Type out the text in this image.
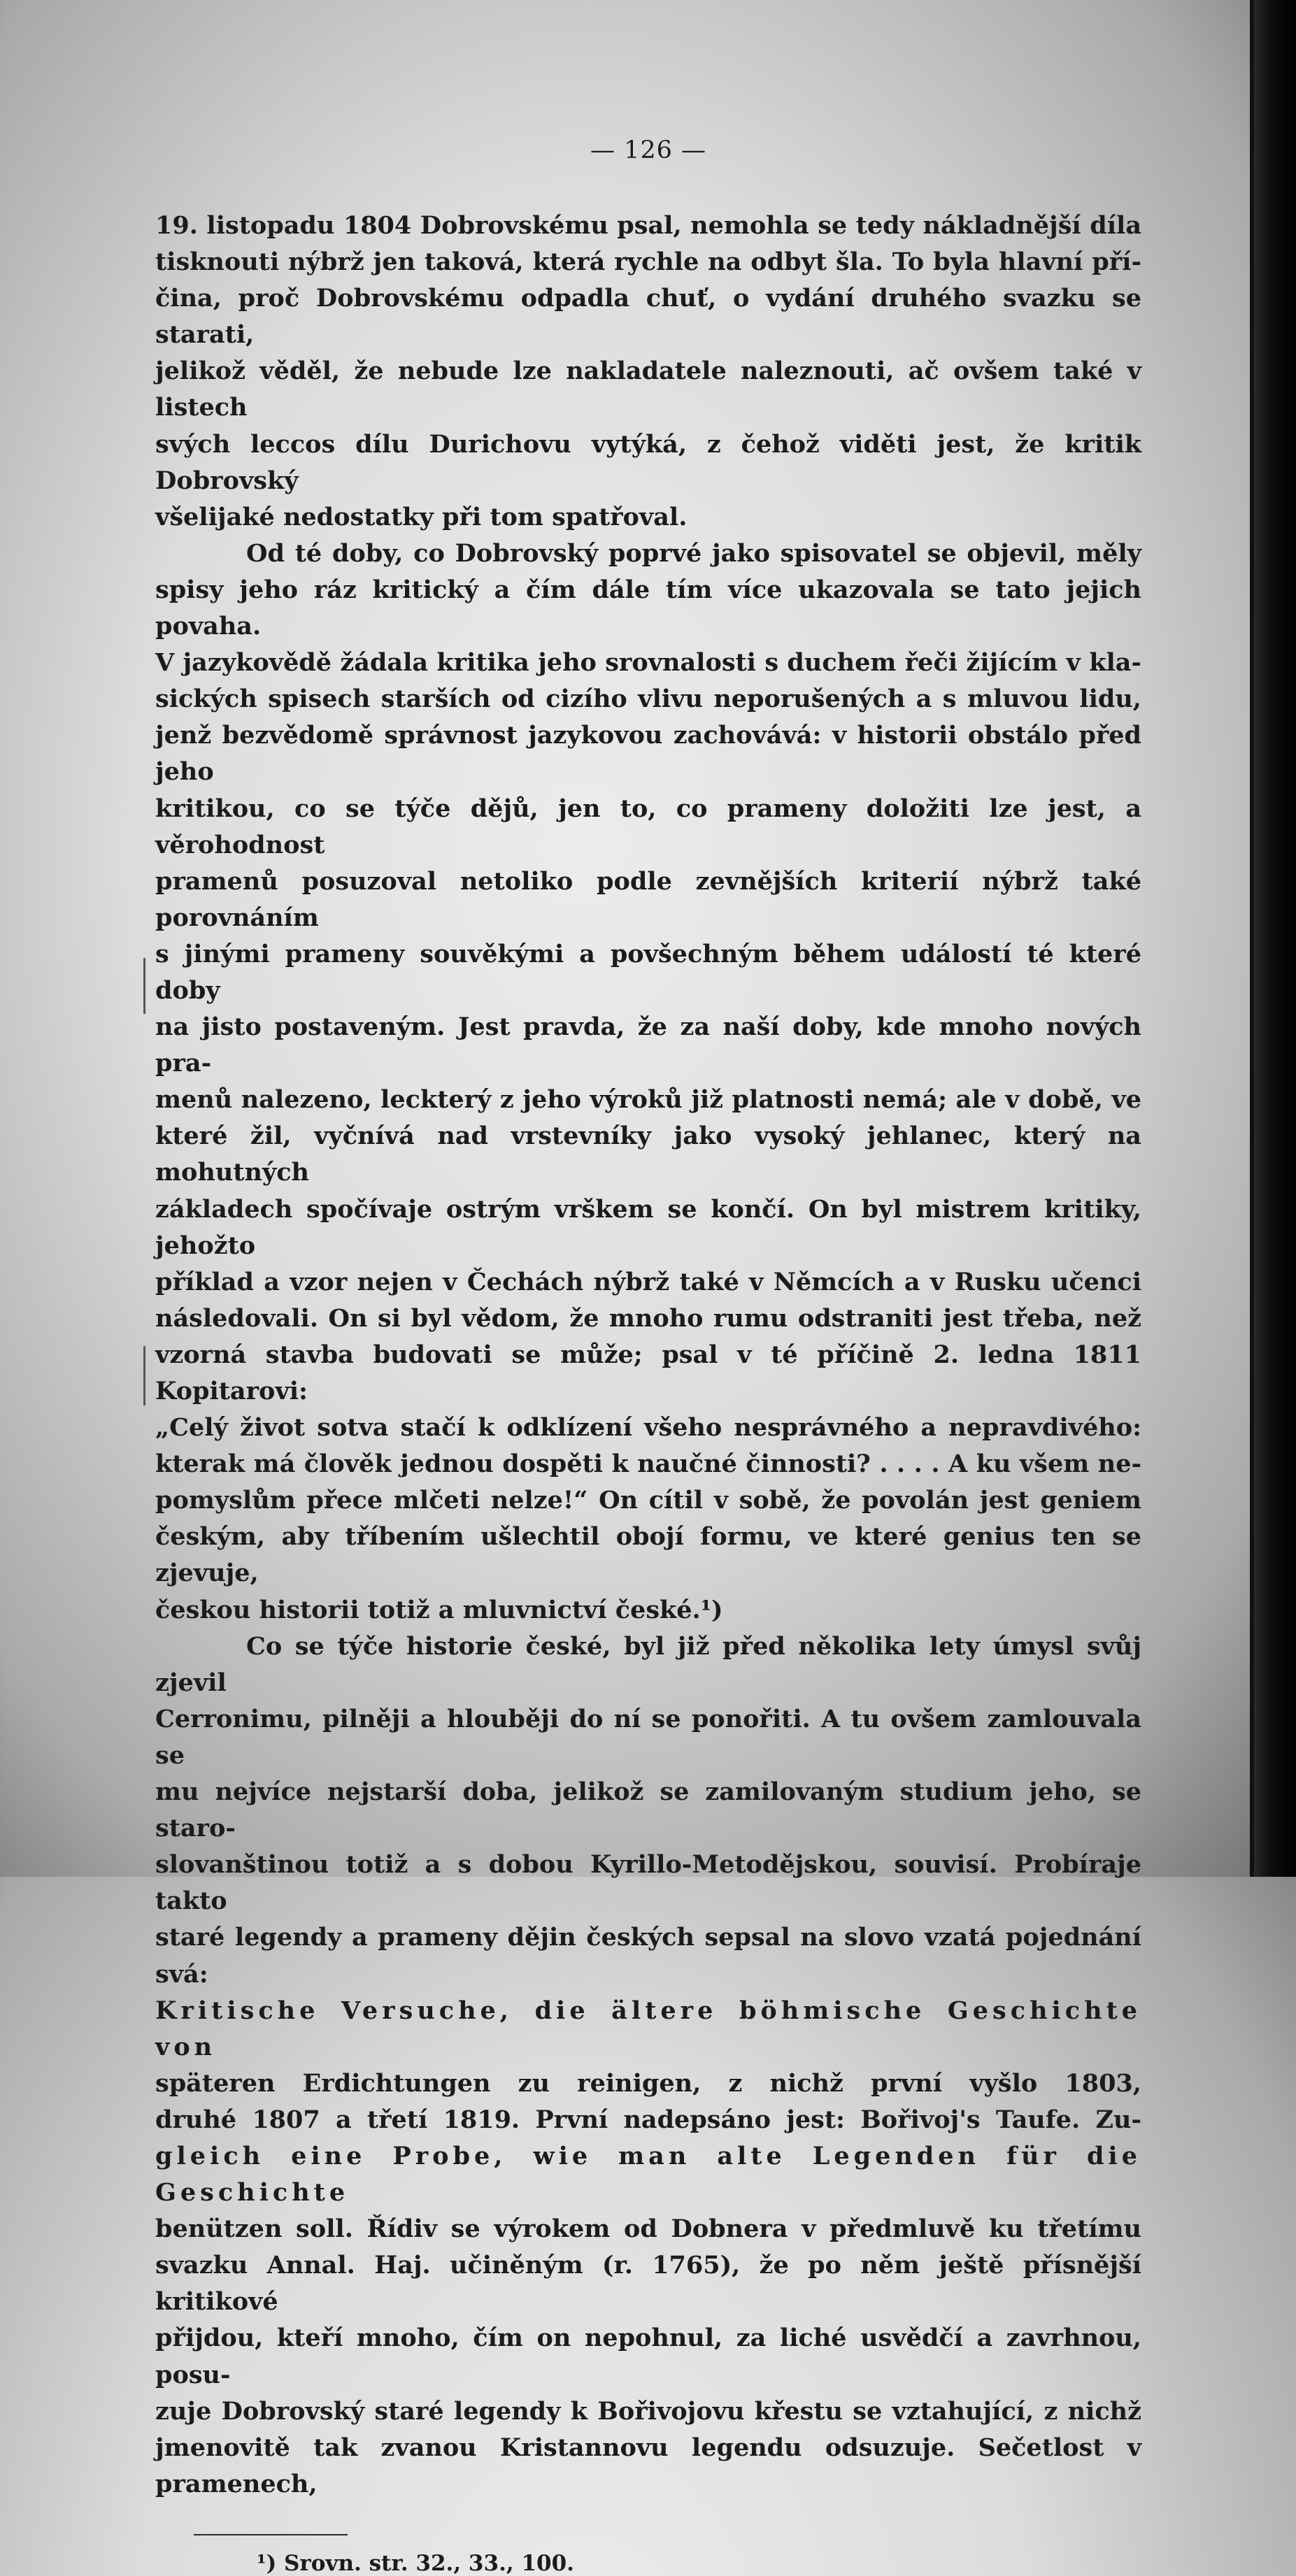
— 126 —

19. listopadu 1804 Dobrovskému psal, nemohla se tedy nákladnější díla

tisknouti nýbrž jen taková, která rychle na odbyt šla. To byla hlavní pří-

čina, proč Dobrovskému odpadla chuť, o vydání druhého svazku se starati,

jelikož věděl, že nebude lze nakladatele naleznouti, ač ovšem také v listech

svých leccos dílu Durichovu vytýká, z čehož viděti jest, že kritik Dobrovský

všelijaké nedostatky při tom spatřoval.

Od té doby, co Dobrovský poprvé jako spisovatel se objevil, měly

spisy jeho ráz kritický a čím dále tím více ukazovala se tato jejich povaha.

V jazykovědě žádala kritika jeho srovnalosti s duchem řeči žijícím v kla-

sických spisech starších od cizího vlivu neporušených a s mluvou lidu,

jenž bezvědomě správnost jazykovou zachovává: v historii obstálo před jeho

kritikou, co se týče dějů, jen to, co prameny doložiti lze jest, a věrohodnost

pramenů posuzoval netoliko podle zevnějších kriterií nýbrž také porovnáním

s jinými prameny souvěkými a povšechným během událostí té které doby

na jisto postaveným. Jest pravda, že za naší doby, kde mnoho nových pra-

menů nalezeno, leckterý z jeho výroků již platnosti nemá; ale v době, ve

které žil, vyčnívá nad vrstevníky jako vysoký jehlanec, který na mohutných

základech spočívaje ostrým vrškem se končí. On byl mistrem kritiky, jehožto

příklad a vzor nejen v Čechách nýbrž také v Němcích a v Rusku učenci

následovali. On si byl vědom, že mnoho rumu odstraniti jest třeba, než

vzorná stavba budovati se může; psal v té příčině 2. ledna 1811 Kopitarovi:

„Celý život sotva stačí k odklízení všeho nesprávného a nepravdivého:

kterak má člověk jednou dospěti k naučné činnosti? . . . . A ku všem ne-

pomyslům přece mlčeti nelze!“ On cítil v sobě, že povolán jest geniem

českým, aby tříbením ušlechtil obojí formu, ve které genius ten se zjevuje,

českou historii totiž a mluvnictví české.¹)

Co se týče historie české, byl již před několika lety úmysl svůj zjevil

Cerronimu, pilněji a hlouběji do ní se ponořiti. A tu ovšem zamlouvala se

mu nejvíce nejstarší doba, jelikož se zamilovaným studium jeho, se staro-

slovanštinou totiž a s dobou Kyrillo-Metodějskou, souvisí. Probíraje takto

staré legendy a prameny dějin českých sepsal na slovo vzatá pojednání svá:

Kritische Versuche, die ältere böhmische Geschichte von

späteren Erdichtungen zu reinigen, z nichž první vyšlo 1803,

druhé 1807 a třetí 1819. První nadepsáno jest: Bořivoj's Taufe. Zu-

gleich eine Probe, wie man alte Legenden für die Geschichte

benützen soll. Řídiv se výrokem od Dobnera v předmluvě ku třetímu

svazku Annal. Haj. učiněným (r. 1765), že po něm ještě přísnější kritikové

přijdou, kteří mnoho, čím on nepohnul, za liché usvědčí a zavrhnou, posu-

zuje Dobrovský staré legendy k Bořivojovu křestu se vztahující, z nichž

jmenovitě tak zvanou Kristannovu legendu odsuzuje. Sečetlost v pramenech,

¹) Srovn. str. 32., 33., 100.
